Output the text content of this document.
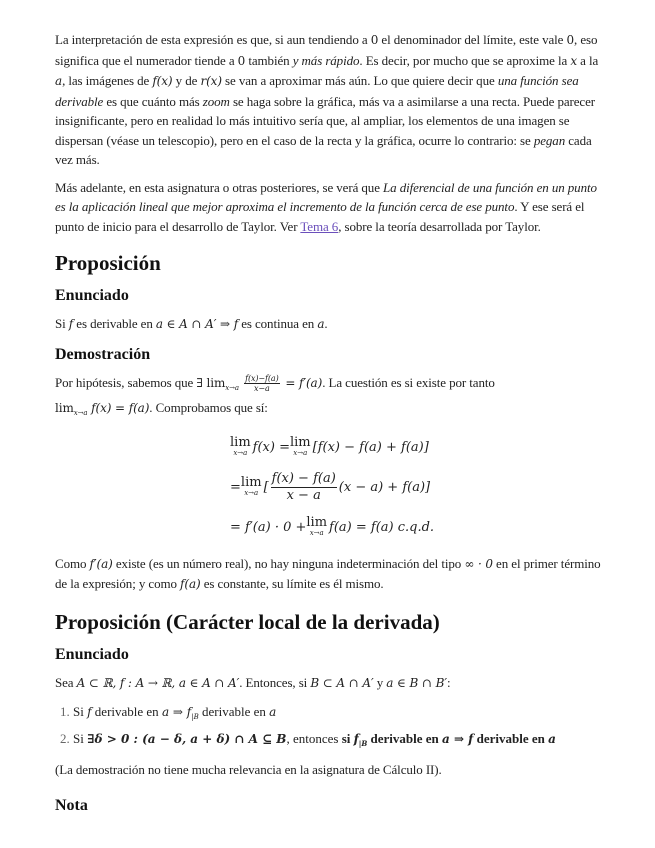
La interpretación de esta expresión es que, si aun tendiendo a 0 el denominador del límite, este vale 0, eso significa que el numerador tiende a 0 también y más rápido. Es decir, por mucho que se aproxime la x a la a, las imágenes de f(x) y de r(x) se van a aproximar más aún. Lo que quiere decir que una función sea derivable es que cuánto más zoom se haga sobre la gráfica, más va a asimilarse a una recta. Puede parecer insignificante, pero en realidad lo más intuitivo sería que, al ampliar, los elementos de una imagen se dispersan (véase un telescopio), pero en el caso de la recta y la gráfica, ocurre lo contrario: se pegan cada vez más.

Más adelante, en esta asignatura o otras posteriores, se verá que La diferencial de una función en un punto es la aplicación lineal que mejor aproxima el incremento de la función cerca de ese punto. Y ese será el punto de inicio para el desarrollo de Taylor. Ver Tema 6, sobre la teoría desarrollada por Taylor.

Proposición
Enunciado

Si f es derivable en a ∈ A ∩ A′ ⇒ f es continua en a.

Demostración

Por hipótesis, sabemos que ∃ $\lim_{x\to a} \frac{f(x)-f(a)}{x-a} = f'(a)$. La cuestión es si existe por tanto
$\lim_{x\to a} f(x) = f(a)$. Comprobamos que sí:

lim
x→a f(x) = lim
x→a [f(x) − f(a) + f(a)]
= lim
x→a [ $\frac{f(x) - f(a)}{x - a} (x - a) + f(a)$]
= f′(a) · 0 + lim
x→a f(a) = f(a) c.q.d.

Como f′(a) existe (es un número real), no hay ninguna indeterminación del tipo ∞ · 0 en el primer término de la expresión; y como f(a) es constante, su límite es él mismo.

Proposición (Carácter local de la derivada)
Enunciado

Sea A ⊂ ℝ, f : A → ℝ, a ∈ A ∩ A′. Entonces, si B ⊂ A ∩ A′ y a ∈ B ∩ B′:

1. Si f derivable en a ⇒ $f_{|B}$ derivable en a
2. Si ∃δ > 0 : (a − δ, a + δ) ∩ A ⊆ B, entonces si $f_{|B}$ derivable en a ⇒ f derivable en a

(La demostración no tiene mucha relevancia en la asignatura de Cálculo II).

Nota
